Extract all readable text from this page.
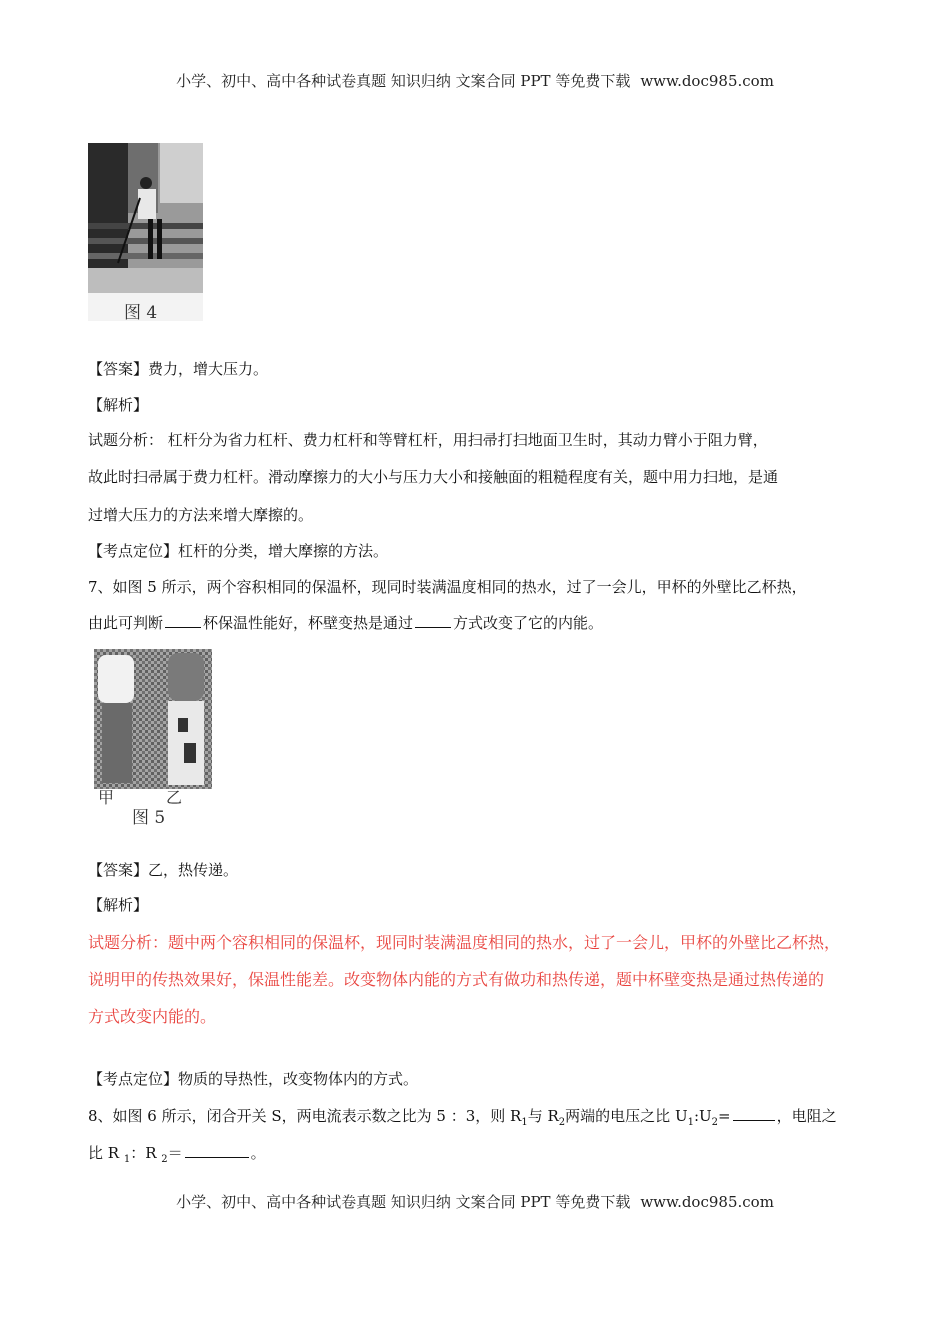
小学、初中、高中各种试卷真题 知识归纳 文案合同 PPT 等免费下载 www.doc985.com
图 4
【答案】费力，增大压力。
【解析】
试题分析： 杠杆分为省力杠杆、费力杠杆和等臂杠杆，用扫帚打扫地面卫生时，其动力臂小于阻力臂，
故此时扫帚属于费力杠杆。滑动摩擦力的大小与压力大小和接触面的粗糙程度有关，题中用力扫地，是通
过增大压力的方法来增大摩擦的。
【考点定位】杠杆的分类，增大摩擦的方法。
7、如图 5 所示，两个容积相同的保温杯，现同时装满温度相同的热水，过了一会儿，甲杯的外壁比乙杯热，
由此可判断	杯保温性能好，杯壁变热是通过	方式改变了它的内能。
甲	乙
图 5
【答案】乙，热传递。
【解析】
试题分析：题中两个容积相同的保温杯，现同时装满温度相同的热水，过了一会儿，甲杯的外壁比乙杯热，
说明甲的传热效果好，保温性能差。改变物体内能的方式有做功和热传递，题中杯壁变热是通过热传递的
方式改变内能的。
【考点定位】物质的导热性，改变物体内的方式。
8、如图 6 所示，闭合开关 S，两电流表示数之比为 5 ：3，则 $R_1$与 $R_2$两端的电压之比 $U_1:U_2=$	，电阻之
比 R $_1$：R $_2$＝	。
小学、初中、高中各种试卷真题 知识归纳 文案合同 PPT 等免费下载 www.doc985.com
